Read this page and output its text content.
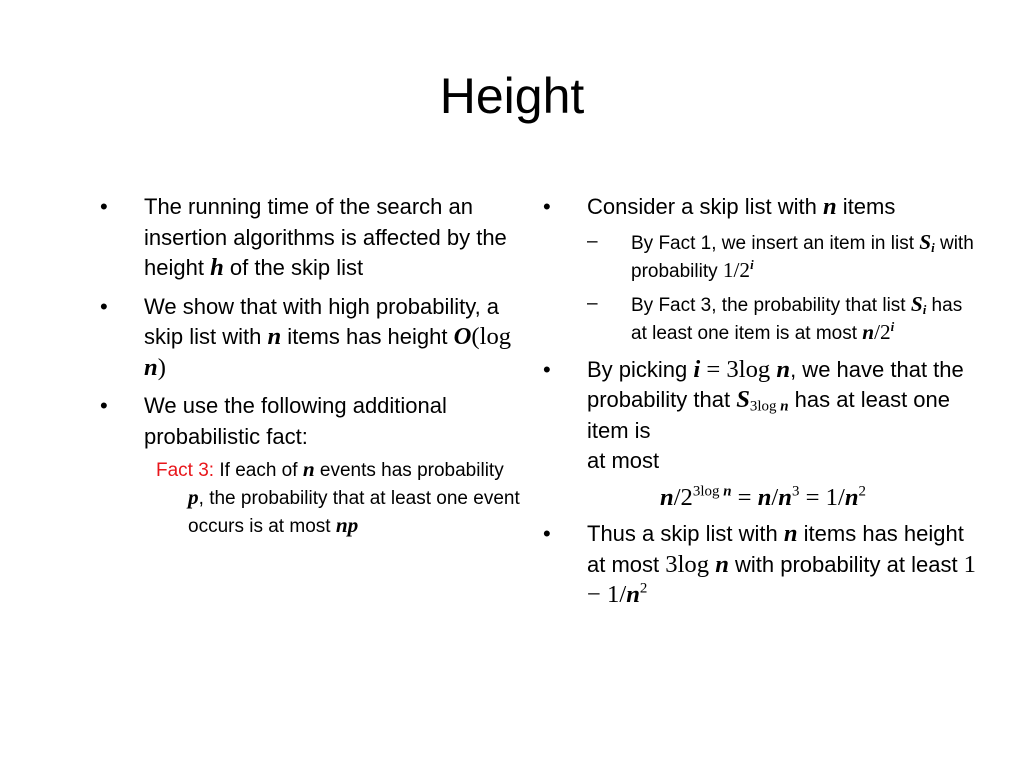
Height
• The running time of the search an insertion algorithms is affected by the height h of the skip list
• We show that with high probability, a skip list with n items has height O(log n)
• We use the following additional probabilistic fact:
Fact 3: If each of n events has probability p, the probability that at least one event occurs is at most np
• Consider a skip list with n items
– By Fact 1, we insert an item in list Si with probability 1/2$^i$
– By Fact 3, the probability that list Si has at least one item is at most n/2$^i$
• By picking i = 3log n, we have that the probability that S3log n has at least one item is
at most
$n/2^{3log}$ $^n = n/n^3 = 1/n^2$
• Thus a skip list with n items has height at most 3log n with probability at least $1 - 1/n^2$
